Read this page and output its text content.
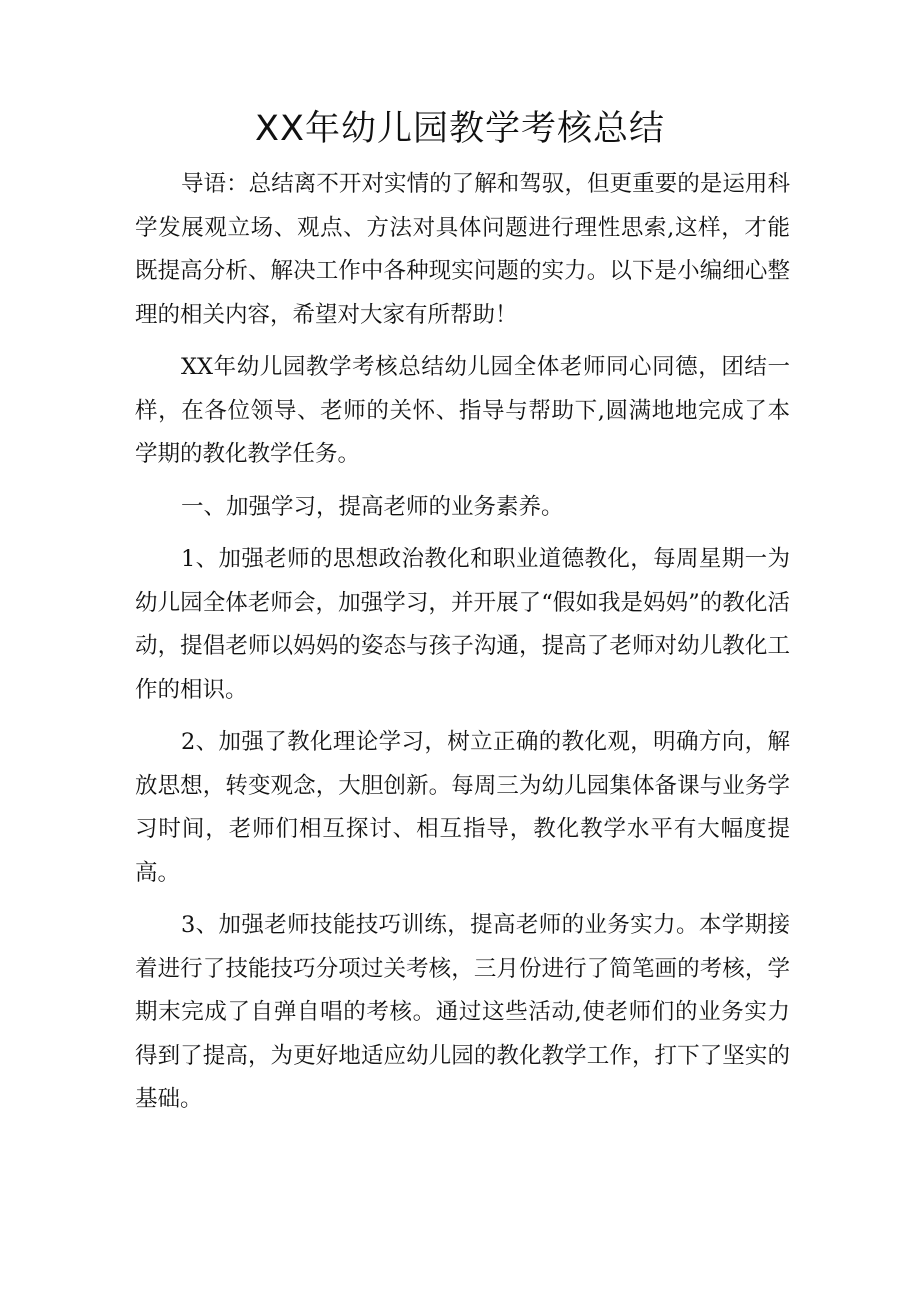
XX年幼儿园教学考核总结

导语：总结离不开对实情的了解和驾驭，但更重要的是运用科学发展观立场、观点、方法对具体问题进行理性思索,这样，才能既提高分析、解决工作中各种现实问题的实力。以下是小编细心整理的相关内容，希望对大家有所帮助！

XX年幼儿园教学考核总结幼儿园全体老师同心同德，团结一样，在各位领导、老师的关怀、指导与帮助下,圆满地地完成了本学期的教化教学任务。

一、加强学习，提高老师的业务素养。

1、加强老师的思想政治教化和职业道德教化，每周星期一为幼儿园全体老师会，加强学习，并开展了“假如我是妈妈”的教化活动，提倡老师以妈妈的姿态与孩子沟通，提高了老师对幼儿教化工作的相识。

2、加强了教化理论学习，树立正确的教化观，明确方向，解放思想，转变观念，大胆创新。每周三为幼儿园集体备课与业务学习时间，老师们相互探讨、相互指导，教化教学水平有大幅度提高。

3、加强老师技能技巧训练，提高老师的业务实力。本学期接着进行了技能技巧分项过关考核，三月份进行了简笔画的考核，学期末完成了自弹自唱的考核。通过这些活动,使老师们的业务实力得到了提高，为更好地适应幼儿园的教化教学工作，打下了坚实的基础。
